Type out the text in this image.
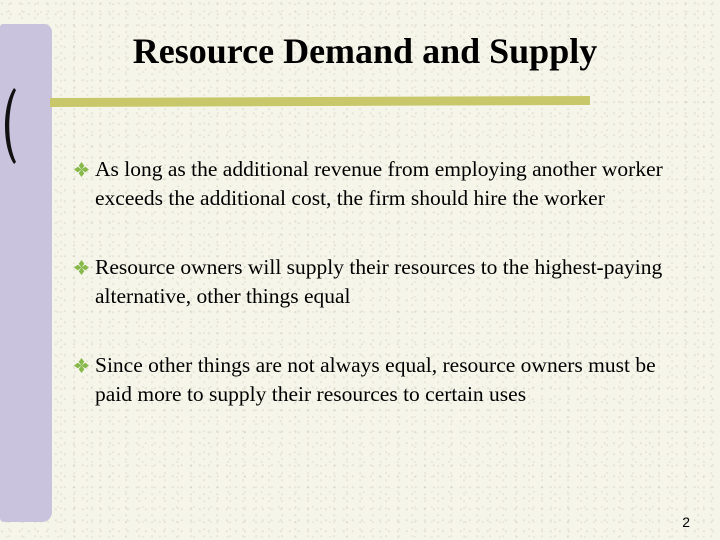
Resource Demand and Supply
As long as the additional revenue from employing another worker exceeds the additional cost, the firm should hire the worker
Resource owners will supply their resources to the highest-paying alternative, other things equal
Since other things are not always equal, resource owners must be paid more to supply their resources to certain uses
2
